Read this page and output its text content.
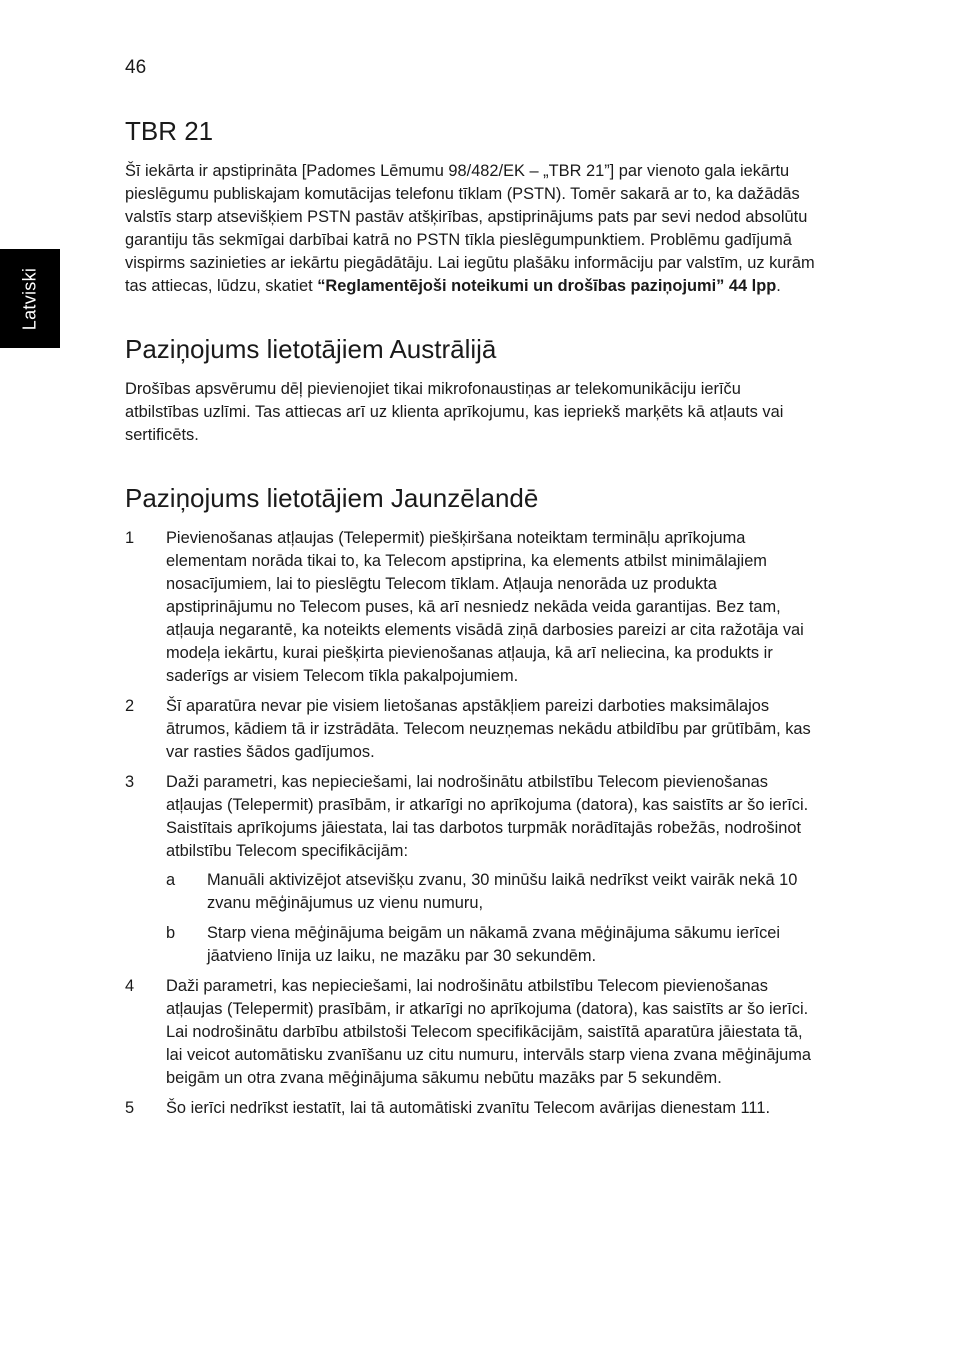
46
Latviski
TBR 21

Šī iekārta ir apstiprināta [Padomes Lēmumu 98/482/EK – „TBR 21”] par vienoto gala iekārtu pieslēgumu publiskajam komutācijas telefonu tīklam (PSTN). Tomēr sakarā ar to, ka dažādās valstīs starp atsevišķiem PSTN pastāv atšķirības, apstiprinājums pats par sevi nedod absolūtu garantiju tās sekmīgai darbībai katrā no PSTN tīkla pieslēgumpunktiem. Problēmu gadījumā vispirms sazinieties ar iekārtu piegādātāju. Lai iegūtu plašāku informāciju par valstīm, uz kurām tas attiecas, lūdzu, skatiet “Reglamentējoši noteikumi un drošības paziņojumi” 44 lpp.

Paziņojums lietotājiem Austrālijā

Drošības apsvērumu dēļ pievienojiet tikai mikrofonaustiņas ar telekomunikāciju ierīču atbilstības uzlīmi. Tas attiecas arī uz klienta aprīkojumu, kas iepriekš marķēts kā atļauts vai sertificēts.

Paziņojums lietotājiem Jaunzēlandē
1	Pievienošanas atļaujas (Telepermit) piešķiršana noteiktam termināļu aprīkojuma elementam norāda tikai to, ka Telecom apstiprina, ka elements atbilst minimālajiem nosacījumiem, lai to pieslēgtu Telecom tīklam. Atļauja nenorāda uz produkta apstiprinājumu no Telecom puses, kā arī nesniedz nekāda veida garantijas. Bez tam, atļauja negarantē, ka noteikts elements visādā ziņā darbosies pareizi ar cita ražotāja vai modeļa iekārtu, kurai piešķirta pievienošanas atļauja, kā arī neliecina, ka produkts ir saderīgs ar visiem Telecom tīkla pakalpojumiem.
2	Šī aparatūra nevar pie visiem lietošanas apstākļiem pareizi darboties maksimālajos ātrumos, kādiem tā ir izstrādāta. Telecom neuzņemas nekādu atbildību par grūtībām, kas var rasties šādos gadījumos.
3	Daži parametri, kas nepieciešami, lai nodrošinātu atbilstību Telecom pievienošanas atļaujas (Telepermit) prasībām, ir atkarīgi no aprīkojuma (datora), kas saistīts ar šo ierīci. Saistītais aprīkojums jāiestata, lai tas darbotos turpmāk norādītajās robežās, nodrošinot atbilstību Telecom specifikācijām:
a	Manuāli aktivizējot atsevišķu zvanu, 30 minūšu laikā nedrīkst veikt vairāk nekā 10 zvanu mēģinājumus uz vienu numuru,
b	Starp viena mēģinājuma beigām un nākamā zvana mēģinājuma sākumu ierīcei jāatvieno līnija uz laiku, ne mazāku par 30 sekundēm.
4	Daži parametri, kas nepieciešami, lai nodrošinātu atbilstību Telecom pievienošanas atļaujas (Telepermit) prasībām, ir atkarīgi no aprīkojuma (datora), kas saistīts ar šo ierīci. Lai nodrošinātu darbību atbilstoši Telecom specifikācijām, saistītā aparatūra jāiestata tā, lai veicot automātisku zvanīšanu uz citu numuru, intervāls starp viena zvana mēģinājuma beigām un otra zvana mēģinājuma sākumu nebūtu mazāks par 5 sekundēm.
5	Šo ierīci nedrīkst iestatīt, lai tā automātiski zvanītu Telecom avārijas dienestam 111.
